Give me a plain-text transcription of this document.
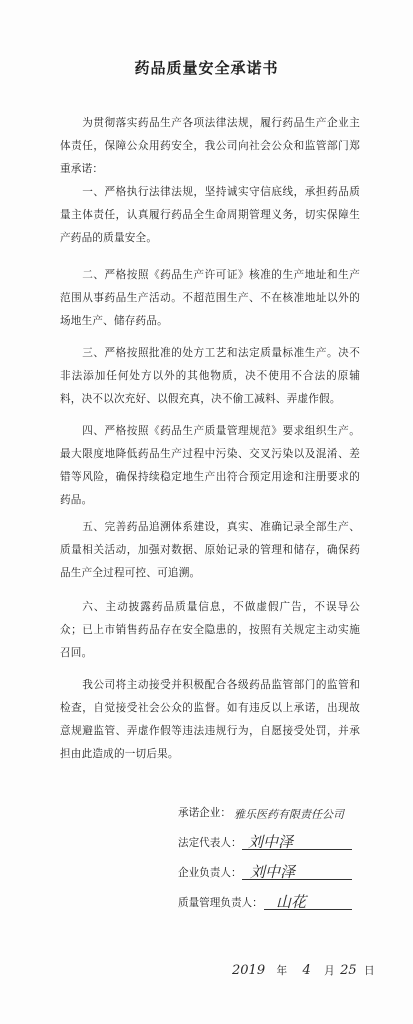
药品质量安全承诺书

为贯彻落实药品生产各项法律法规，履行药品生产企业主体责任，保障公众用药安全，我公司向社会公众和监管部门郑重承诺：

一、严格执行法律法规，坚持诚实守信底线，承担药品质量主体责任，认真履行药品全生命周期管理义务，切实保障生产药品的质量安全。

二、严格按照《药品生产许可证》核准的生产地址和生产范围从事药品生产活动。不超范围生产、不在核准地址以外的场地生产、储存药品。

三、严格按照批准的处方工艺和法定质量标准生产。决不非法添加任何处方以外的其他物质，决不使用不合法的原辅料，决不以次充好、以假充真，决不偷工减料、弄虚作假。

四、严格按照《药品生产质量管理规范》要求组织生产。最大限度地降低药品生产过程中污染、交叉污染以及混淆、差错等风险，确保持续稳定地生产出符合预定用途和注册要求的药品。

五、完善药品追溯体系建设，真实、准确记录全部生产、质量相关活动，加强对数据、原始记录的管理和储存，确保药品生产全过程可控、可追溯。

六、主动披露药品质量信息，不做虚假广告，不误导公众；已上市销售药品存在安全隐患的，按照有关规定主动实施召回。

我公司将主动接受并积极配合各级药品监管部门的监管和检查，自觉接受社会公众的监督。如有违反以上承诺，出现故意规避监管、弄虚作假等违法违规行为，自愿接受处罚，并承担由此造成的一切后果。

承诺企业： 雅乐医药有限责任公司
法定代表人： 刘中泽
企业负责人： 刘中泽
质量管理负责人： 山花
2019 年 4 月 25 日
